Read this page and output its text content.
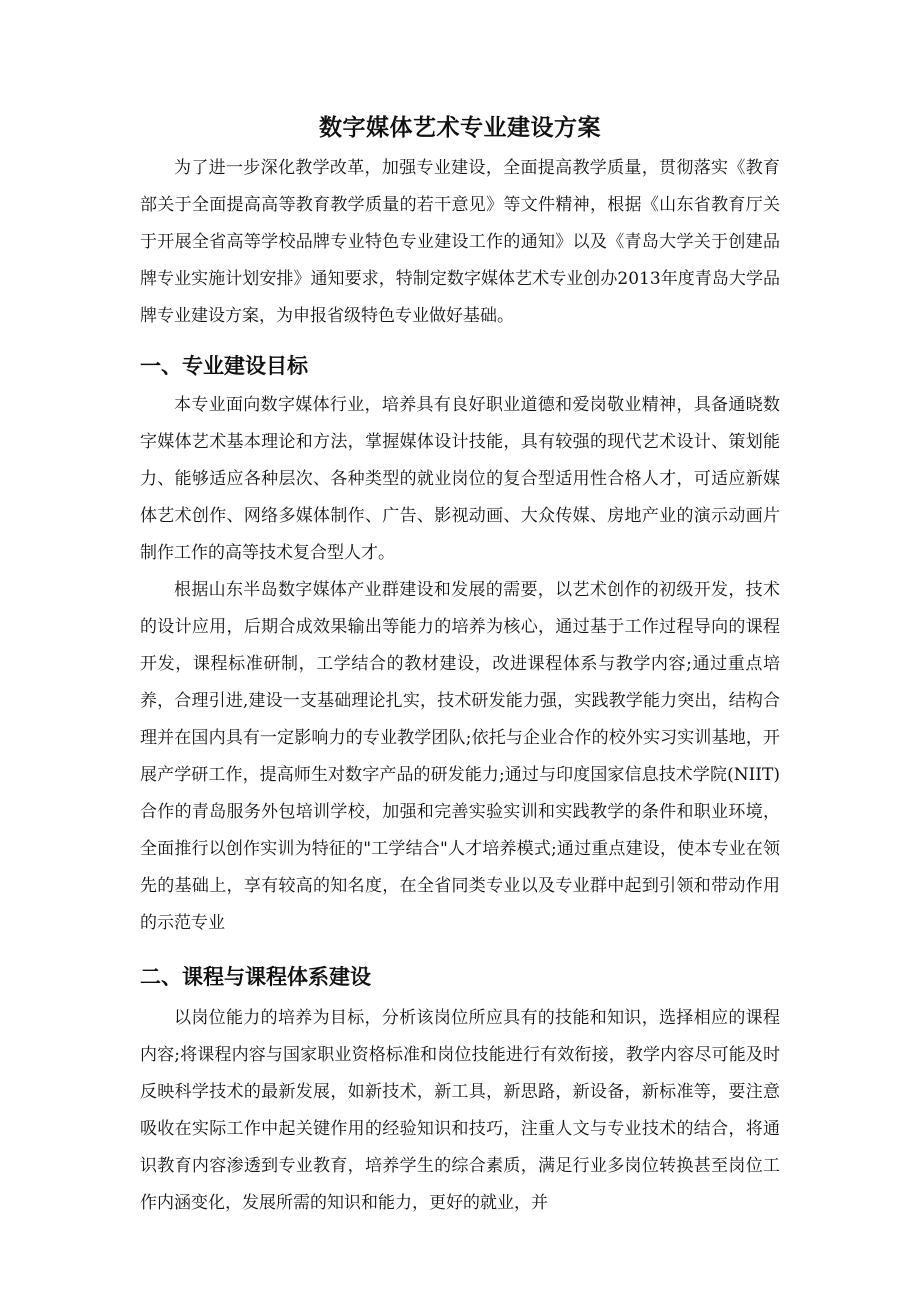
数字媒体艺术专业建设方案

为了进一步深化教学改革，加强专业建设，全面提高教学质量，贯彻落实《教育部关于全面提高高等教育教学质量的若干意见》等文件精神，根据《山东省教育厅关于开展全省高等学校品牌专业特色专业建设工作的通知》以及《青岛大学关于创建品牌专业实施计划安排》通知要求，特制定数字媒体艺术专业创办2013年度青岛大学品牌专业建设方案，为申报省级特色专业做好基础。

一、专业建设目标

本专业面向数字媒体行业，培养具有良好职业道德和爱岗敬业精神，具备通晓数字媒体艺术基本理论和方法，掌握媒体设计技能，具有较强的现代艺术设计、策划能力、能够适应各种层次、各种类型的就业岗位的复合型适用性合格人才，可适应新媒体艺术创作、网络多媒体制作、广告、影视动画、大众传媒、房地产业的演示动画片制作工作的高等技术复合型人才。

根据山东半岛数字媒体产业群建设和发展的需要，以艺术创作的初级开发，技术的设计应用，后期合成效果输出等能力的培养为核心，通过基于工作过程导向的课程开发，课程标准研制，工学结合的教材建设，改进课程体系与教学内容;通过重点培养，合理引进,建设一支基础理论扎实，技术研发能力强，实践教学能力突出，结构合理并在国内具有一定影响力的专业教学团队;依托与企业合作的校外实习实训基地，开展产学研工作，提高师生对数字产品的研发能力;通过与印度国家信息技术学院(NIIT)合作的青岛服务外包培训学校，加强和完善实验实训和实践教学的条件和职业环境，全面推行以创作实训为特征的"工学结合"人才培养模式;通过重点建设，使本专业在领先的基础上，享有较高的知名度，在全省同类专业以及专业群中起到引领和带动作用的示范专业

二、课程与课程体系建设

以岗位能力的培养为目标，分析该岗位所应具有的技能和知识，选择相应的课程内容;将课程内容与国家职业资格标准和岗位技能进行有效衔接，教学内容尽可能及时反映科学技术的最新发展，如新技术，新工具，新思路，新设备，新标准等，要注意吸收在实际工作中起关键作用的经验知识和技巧，注重人文与专业技术的结合，将通识教育内容渗透到专业教育，培养学生的综合素质，满足行业多岗位转换甚至岗位工作内涵变化，发展所需的知识和能力，更好的就业，并
